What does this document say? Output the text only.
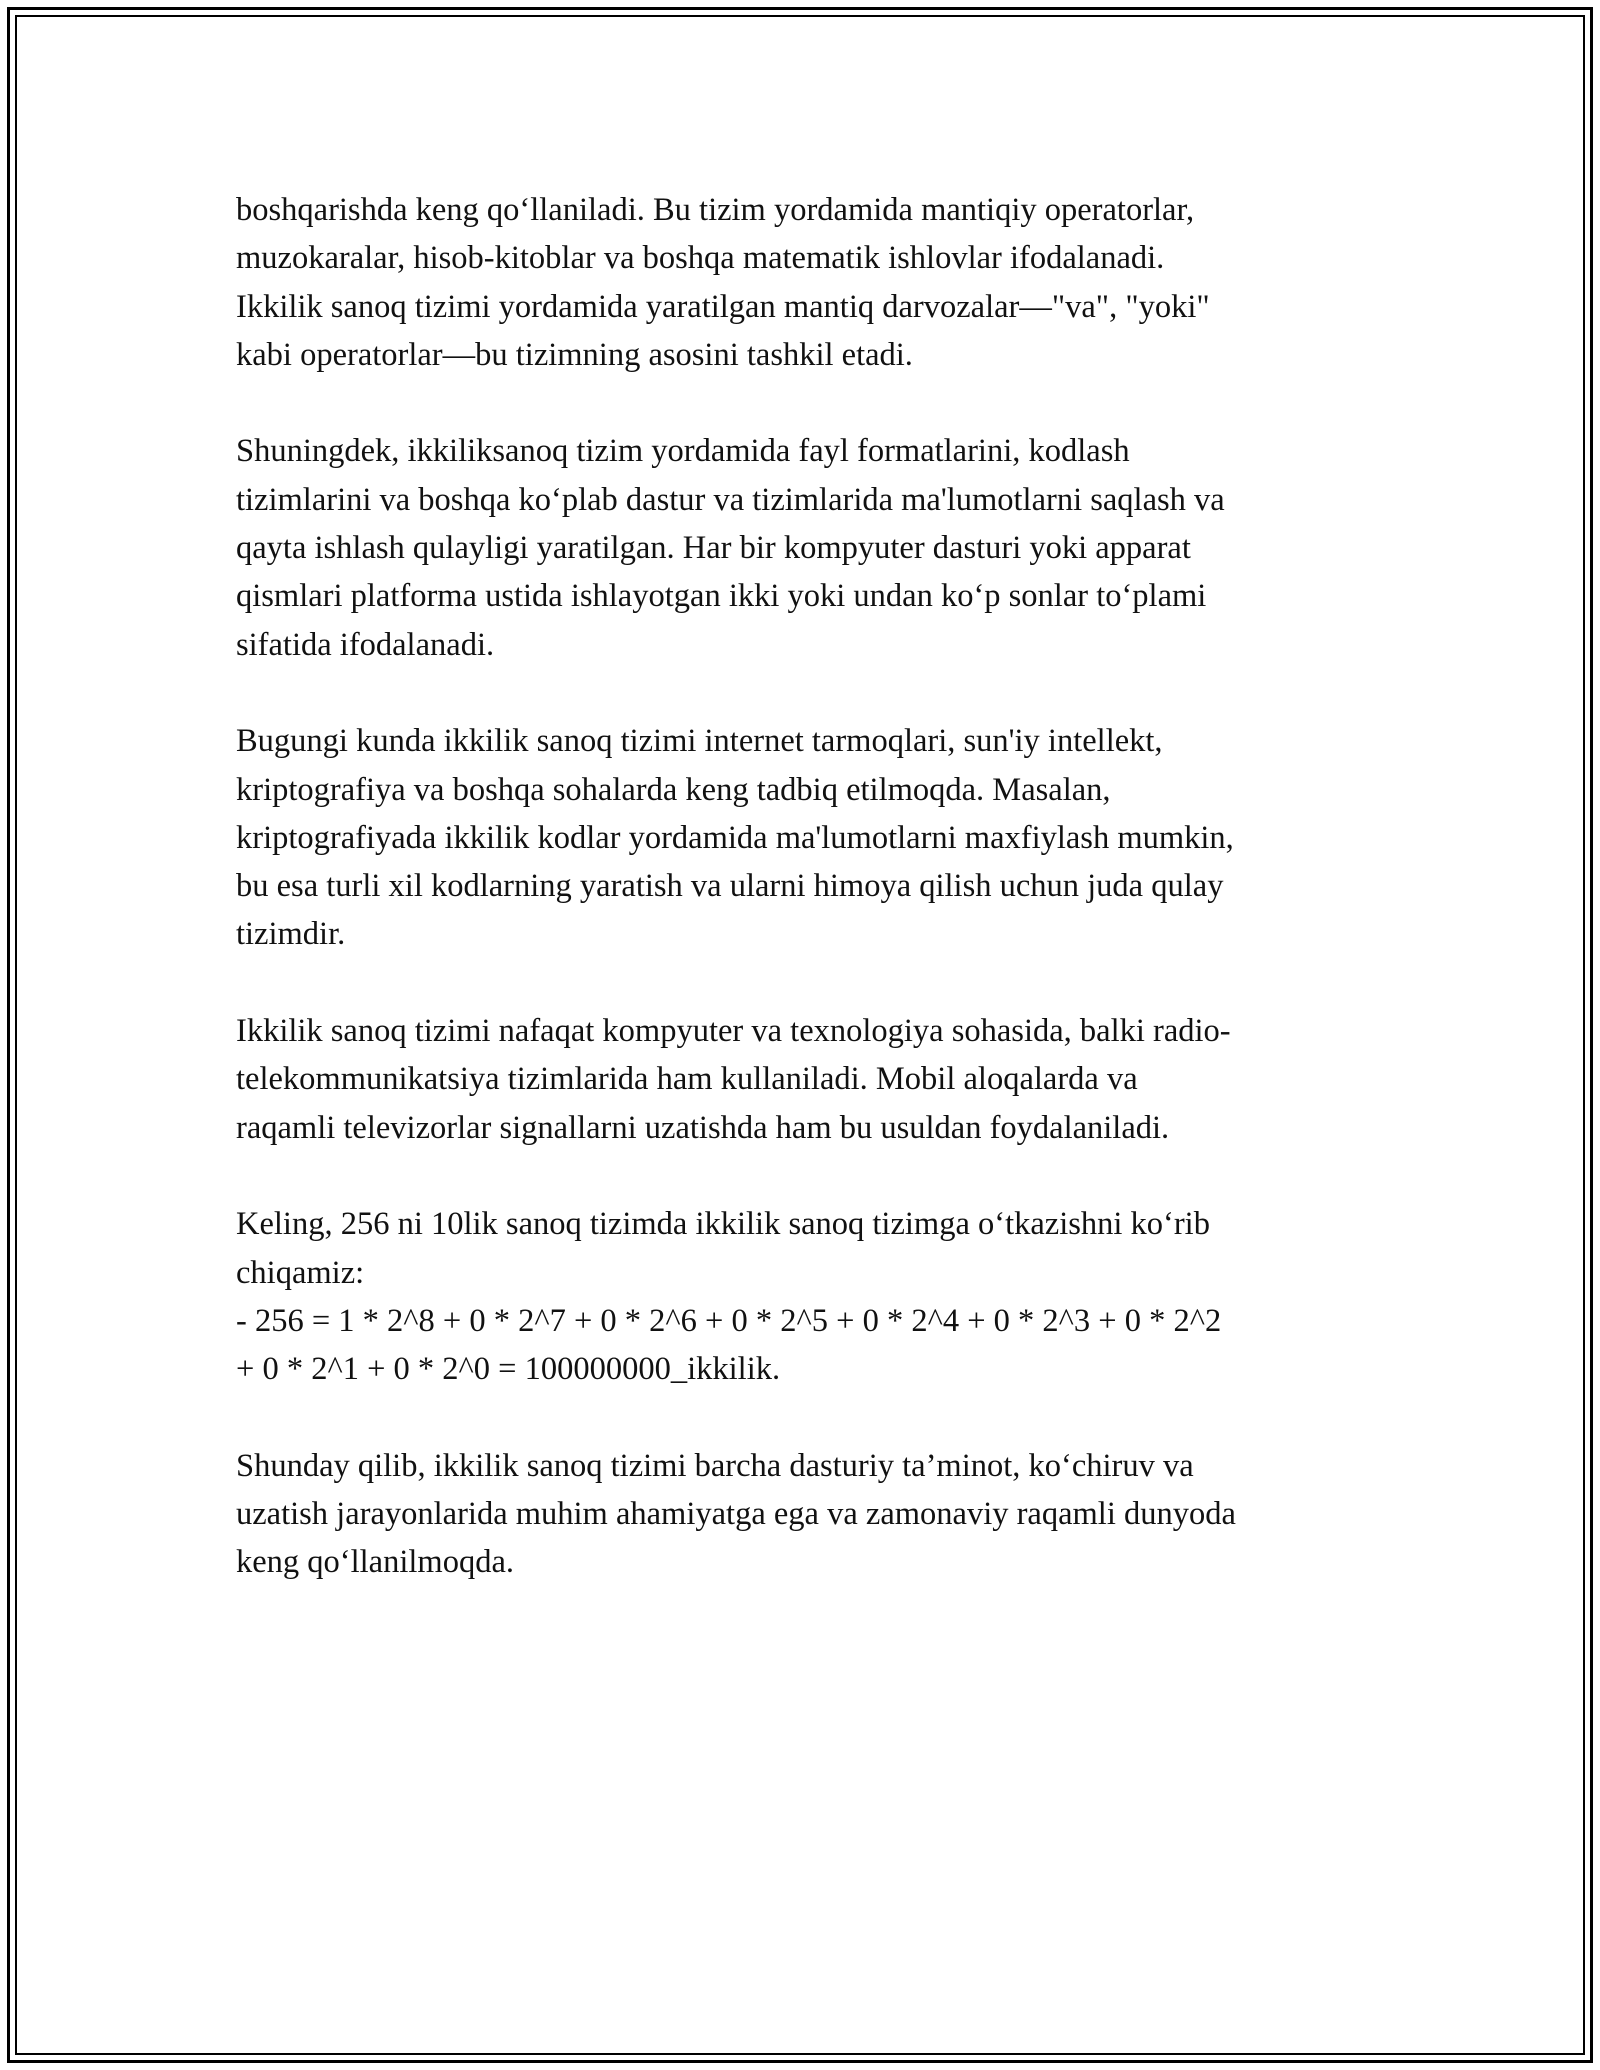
boshqarishda keng qo‘llaniladi. Bu tizim yordamida mantiqiy operatorlar,
muzokaralar, hisob-kitoblar va boshqa matematik ishlovlar ifodalanadi.
Ikkilik sanoq tizimi yordamida yaratilgan mantiq darvozalar—"va", "yoki"
kabi operatorlar—bu tizimning asosini tashkil etadi.

Shuningdek, ikkiliksanoq tizim yordamida fayl formatlarini, kodlash
tizimlarini va boshqa ko‘plab dastur va tizimlarida ma'lumotlarni saqlash va
qayta ishlash qulayligi yaratilgan. Har bir kompyuter dasturi yoki apparat
qismlari platforma ustida ishlayotgan ikki yoki undan ko‘p sonlar to‘plami
sifatida ifodalanadi.

Bugungi kunda ikkilik sanoq tizimi internet tarmoqlari, sun'iy intellekt,
kriptografiya va boshqa sohalarda keng tadbiq etilmoqda. Masalan,
kriptografiyada ikkilik kodlar yordamida ma'lumotlarni maxfiylash mumkin,
bu esa turli xil kodlarning yaratish va ularni himoya qilish uchun juda qulay
tizimdir.

Ikkilik sanoq tizimi nafaqat kompyuter va texnologiya sohasida, balki radio-
telekommunikatsiya tizimlarida ham kullaniladi. Mobil aloqalarda va
raqamli televizorlar signallarni uzatishda ham bu usuldan foydalaniladi.

Keling, 256 ni 10lik sanoq tizimda ikkilik sanoq tizimga o‘tkazishni ko‘rib
chiqamiz:
- 256 = 1 * 2^8 + 0 * 2^7 + 0 * 2^6 + 0 * 2^5 + 0 * 2^4 + 0 * 2^3 + 0 * 2^2
+ 0 * 2^1 + 0 * 2^0 = 100000000_ikkilik.

Shunday qilib, ikkilik sanoq tizimi barcha dasturiy ta’minot, ko‘chiruv va
uzatish jarayonlarida muhim ahamiyatga ega va zamonaviy raqamli dunyoda
keng qo‘llanilmoqda.
